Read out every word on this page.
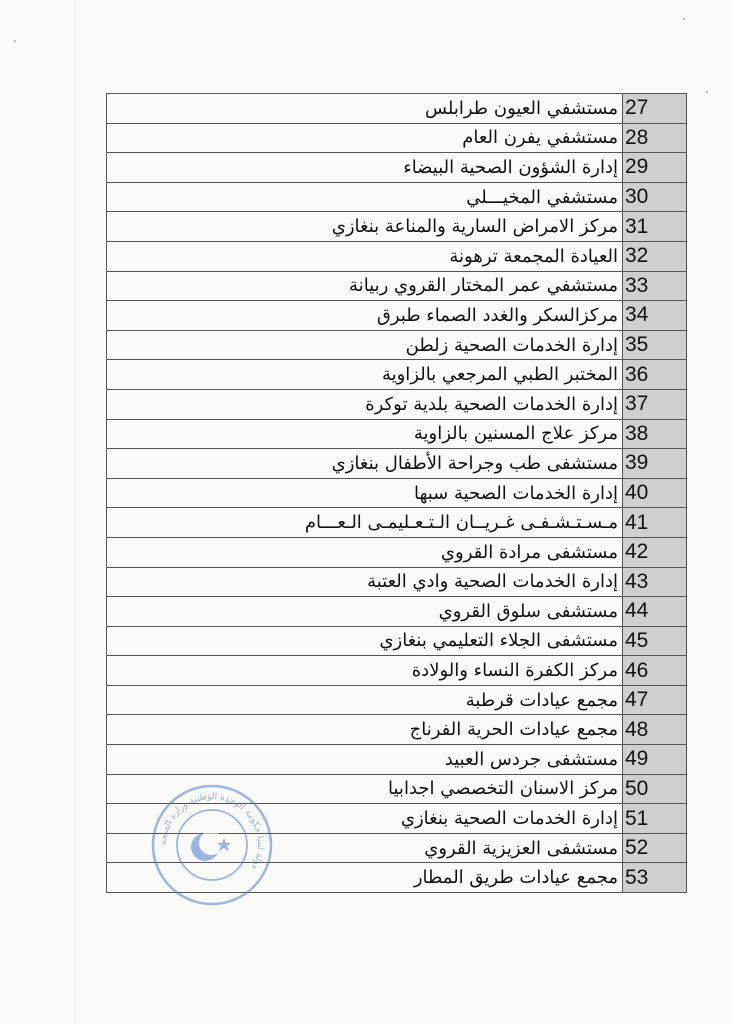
مستشفي العيون طرابلس 27
مستشفي يفرن العام 28
إدارة الشؤون الصحية البيضاء 29
مستشفي المخيـــلي 30
مركز الامراض السارية والمناعة بنغازي 31
العيادة المجمعة ترهونة 32
مستشفي عمر المختار القروي ربيانة 33
مركزالسكر والغدد الصماء طبرق 34
إدارة الخدمات الصحية زلطن 35
المختبر الطبي المرجعي بالزاوية 36
إدارة الخدمات الصحية بلدية توكرة 37
مركز علاج المسنين بالزاوية 38
مستشفى طب وجراحة الأطفال بنغازي 39
إدارة الخدمات الصحية سبها 40
مـسـتـشـفـى غـريــان الـتـعـليمـى الـعـــام 41
مستشفى مرادة القروي 42
إدارة الخدمات الصحية وادي العتبة 43
مستشفى سلوق القروي 44
مستشفى الجلاء التعليمي بنغازي 45
مركز الكفرة النساء والولادة 46
مجمع عيادات قرطبة 47
مجمع عيادات الحرية الفرناج 48
مستشفى جردس العبيد 49
مركز الاسنان التخصصي اجدابيا 50
إدارة الخدمات الصحية بنغازي 51
مستشفى العزيزية القروي 52
مجمع عيادات طريق المطار 53
دولة ليبيا حكومة الوحدة الوطنية وزارة الصحة
